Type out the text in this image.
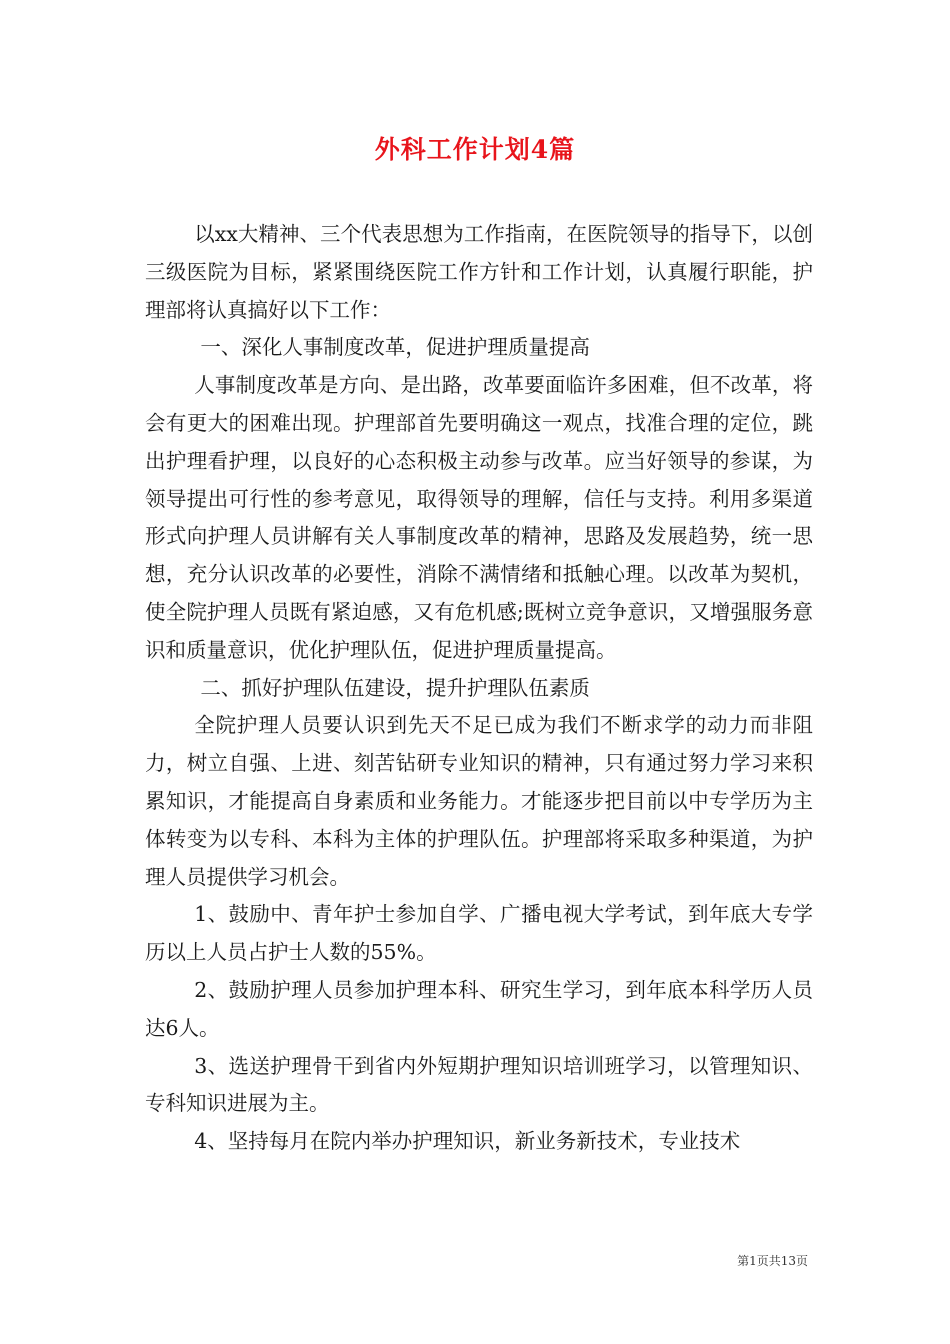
外科工作计划4篇

以xx大精神、三个代表思想为工作指南，在医院领导的指导下，以创三级医院为目标，紧紧围绕医院工作方针和工作计划，认真履行职能，护理部将认真搞好以下工作：

一、深化人事制度改革，促进护理质量提高

人事制度改革是方向、是出路，改革要面临许多困难，但不改革，将会有更大的困难出现。护理部首先要明确这一观点，找准合理的定位，跳出护理看护理，以良好的心态积极主动参与改革。应当好领导的参谋，为领导提出可行性的参考意见，取得领导的理解，信任与支持。利用多渠道形式向护理人员讲解有关人事制度改革的精神，思路及发展趋势，统一思想，充分认识改革的必要性，消除不满情绪和抵触心理。以改革为契机，使全院护理人员既有紧迫感，又有危机感;既树立竞争意识，又增强服务意识和质量意识，优化护理队伍，促进护理质量提高。

二、抓好护理队伍建设，提升护理队伍素质

全院护理人员要认识到先天不足已成为我们不断求学的动力而非阻力，树立自强、上进、刻苦钻研专业知识的精神，只有通过努力学习来积累知识，才能提高自身素质和业务能力。才能逐步把目前以中专学历为主体转变为以专科、本科为主体的护理队伍。护理部将采取多种渠道，为护理人员提供学习机会。

1、鼓励中、青年护士参加自学、广播电视大学考试，到年底大专学历以上人员占护士人数的55%。

2、鼓励护理人员参加护理本科、研究生学习，到年底本科学历人员达6人。

3、选送护理骨干到省内外短期护理知识培训班学习，以管理知识、专科知识进展为主。

4、坚持每月在院内举办护理知识，新业务新技术，专业技术

第1页共13页
